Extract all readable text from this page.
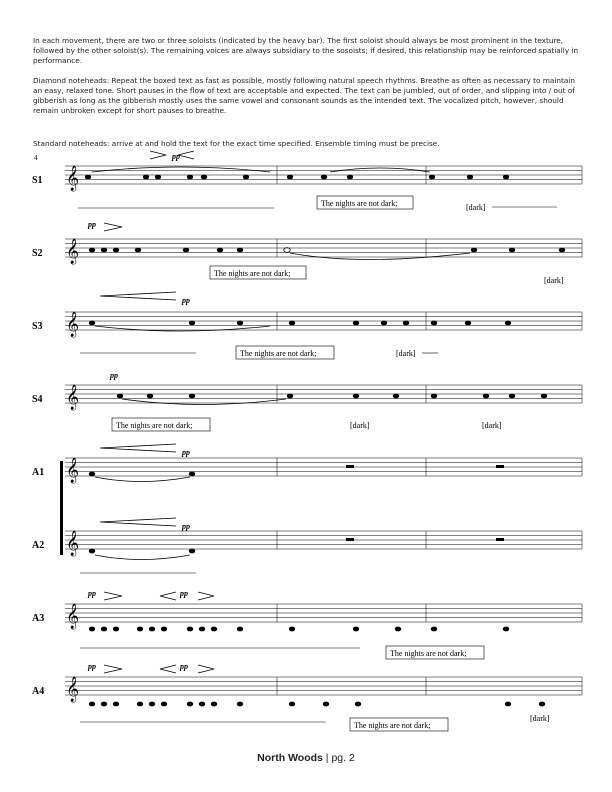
In each movement, there are two or three soloists (indicated by the heavy bar). The first soloist should always be most prominent in the texture, followed by the other soloist(s). The remaining voices are always subsidiary to the sosoists; if desired, this relationship may be reinforced spatially in performance.

Diamond noteheads: Repeat the boxed text as fast as possible, mostly following natural speech rhythms. Breathe as often as necessary to maintain an easy, relaxed tone. Short pauses in the flow of text are acceptable and expected. The text can be jumbled, out of order, and slipping into / out of gibberish as long as the gibberish mostly uses the same vowel and consonant sounds as the intended text. The vocalized pitch, however, should remain unbroken except for short pauses to breathe.

Standard noteheads: arrive at and hold the text for the exact time specified. Ensemble timing must be precise.

4
S1 𝄞
pp
The nights are not dark;	[dark]
S2 𝄞
pp
The nights are not dark;
[dark]
S3 𝄞
pp
The nights are not dark;	[dark]
S4 𝄞
pp
The nights are not dark;	[dark]	[dark]
A1 𝄞
pp
A2 𝄞
pp
A3 𝄞
pp	pp
The nights are not dark;
A4 𝄞
pp	pp
The nights are not dark;
[dark]
North Woods | pg. 2
